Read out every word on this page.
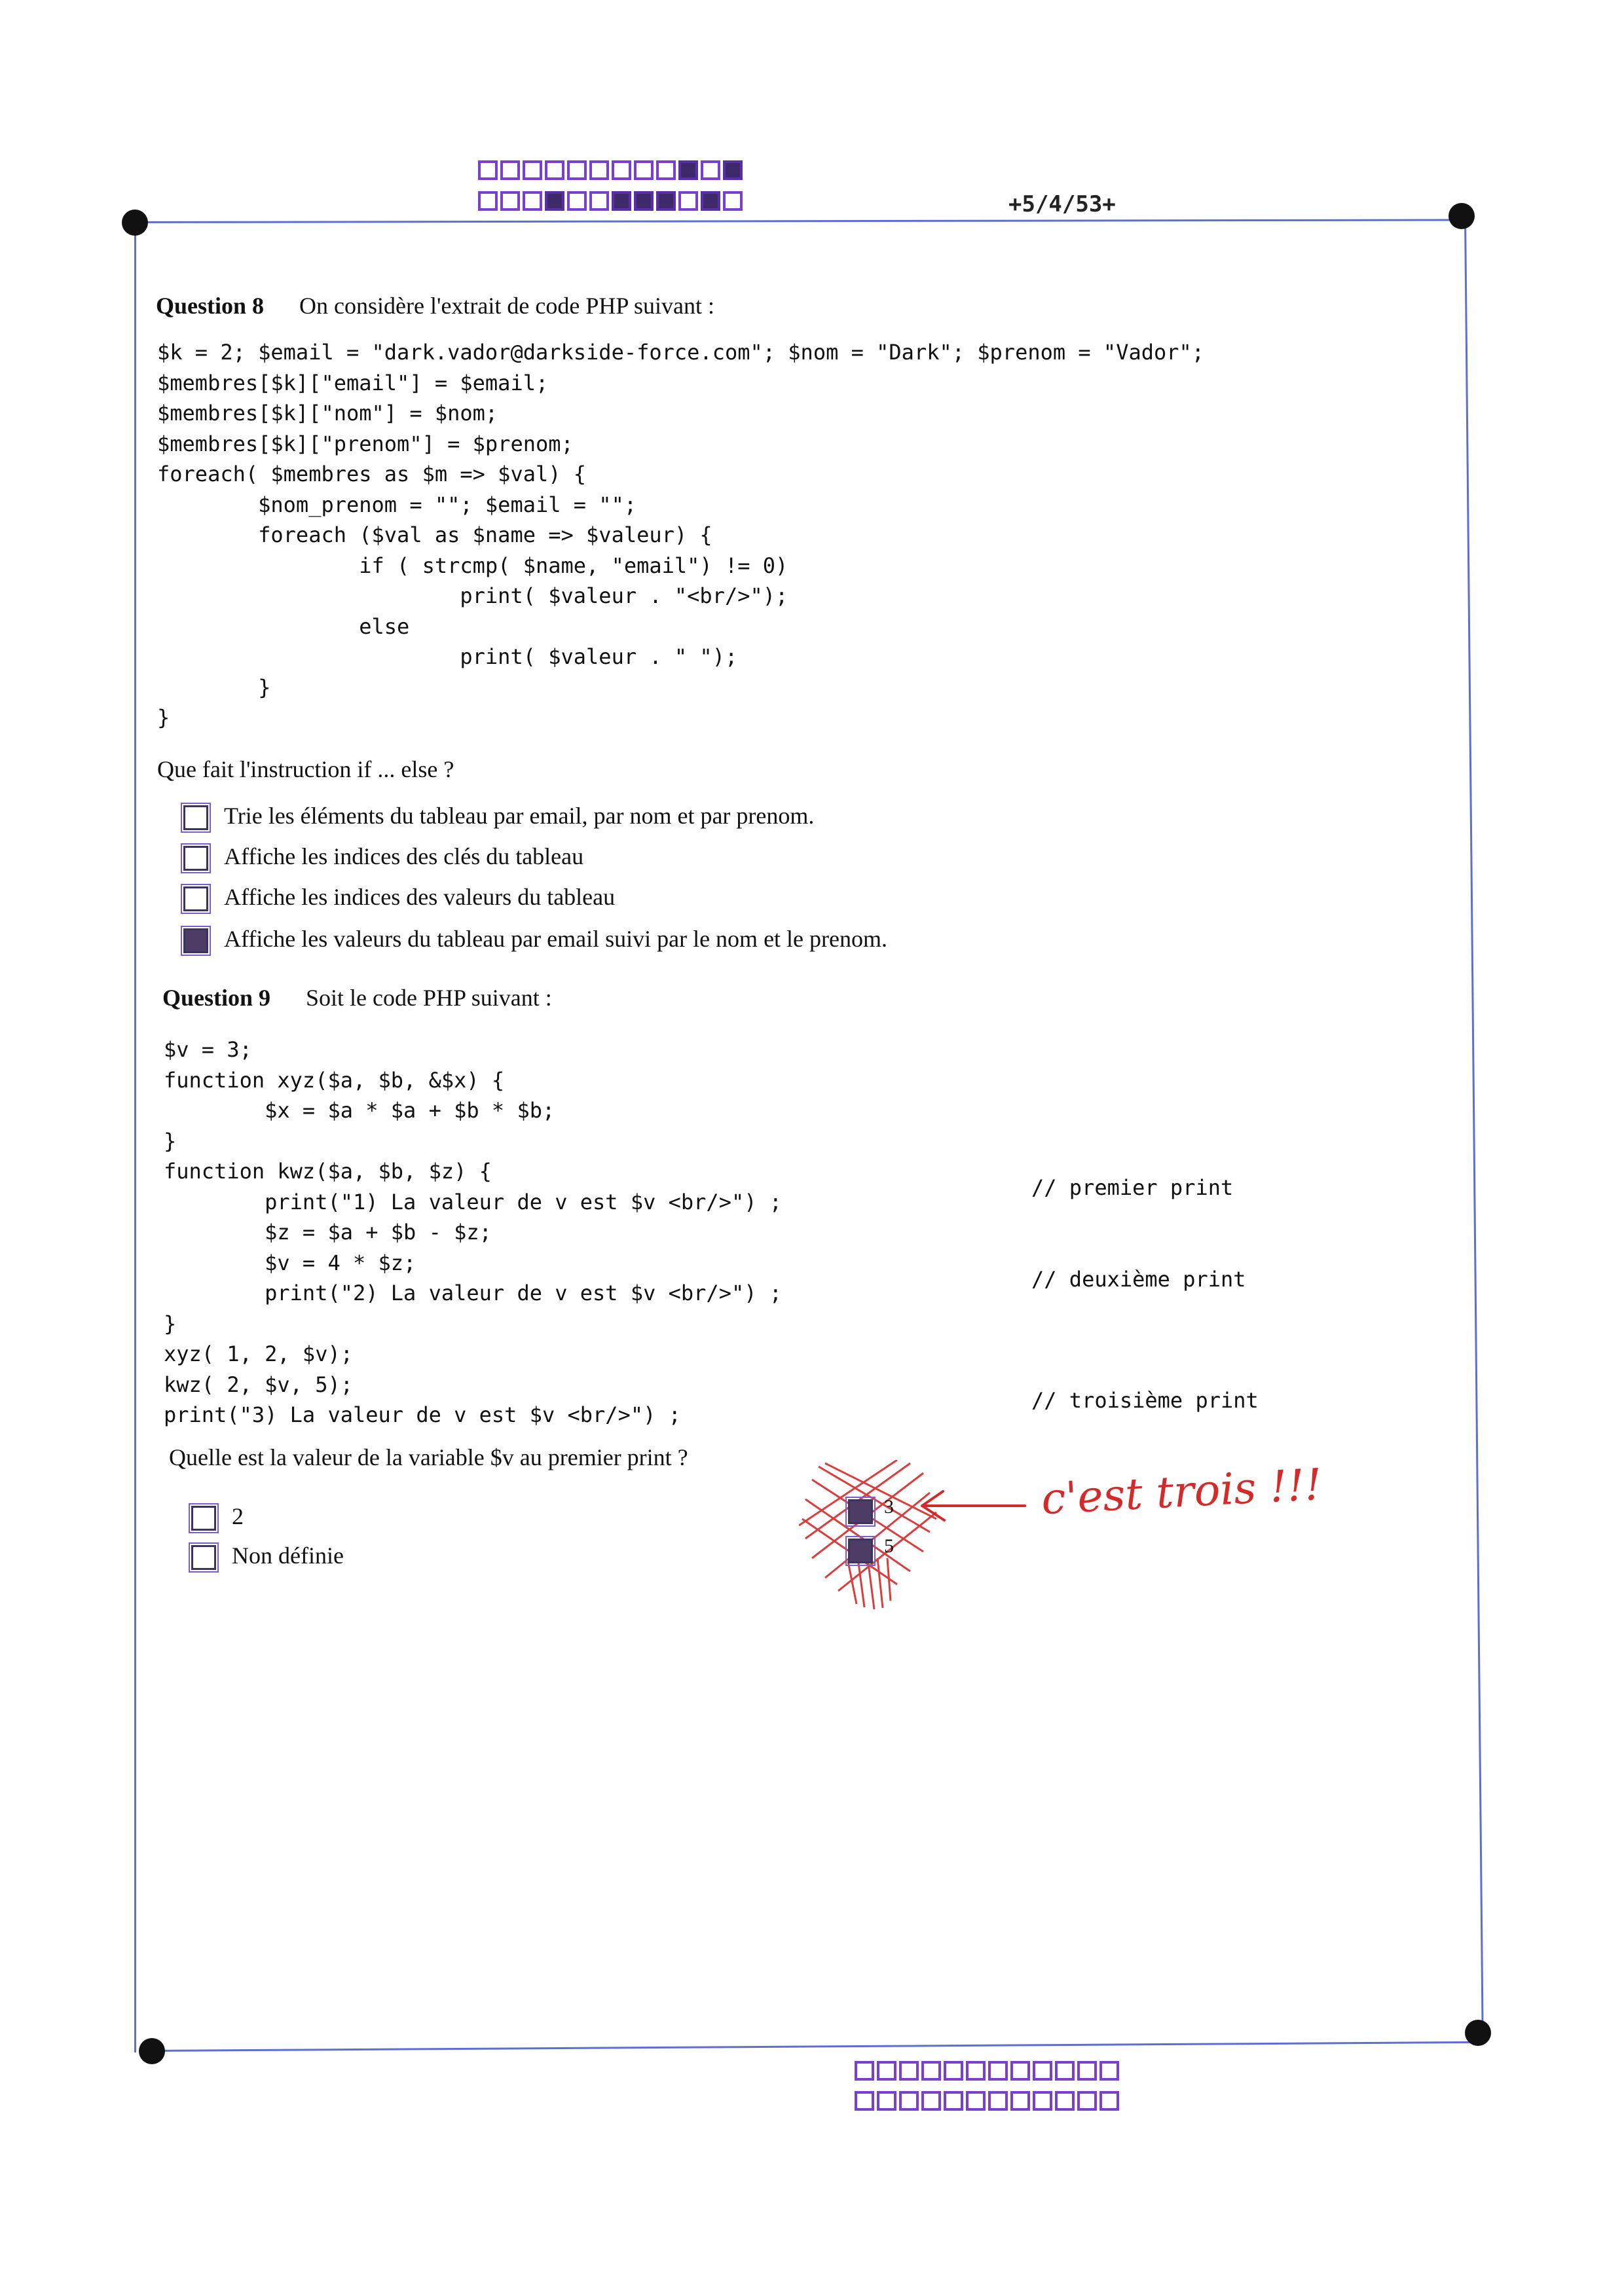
+5/4/53+
Question 8 On considère l'extrait de code PHP suivant :
$k = 2; $email = "dark.vador@darkside-force.com"; $nom = "Dark"; $prenom = "Vador";
$membres[$k]["email"] = $email;
$membres[$k]["nom"] = $nom;
$membres[$k]["prenom"] = $prenom;
foreach( $membres as $m => $val) {
$nom_prenom = ""; $email = "";
foreach ($val as $name => $valeur) {
if ( strcmp( $name, "email") != 0)
print( $valeur . "<br/>");
else
print( $valeur . " ");
}
}
Que fait l'instruction if ... else ?
Trie les éléments du tableau par email, par nom et par prenom.
Affiche les indices des clés du tableau
Affiche les indices des valeurs du tableau
Affiche les valeurs du tableau par email suivi par le nom et le prenom.
Question 9 Soit le code PHP suivant :
$v = 3;
function xyz($a, $b, &$x) {
$x = $a * $a + $b * $b;
}
function kwz($a, $b, $z) {
print("1) La valeur de v est $v <br/>") ;
$z = $a + $b - $z;
$v = 4 * $z;
print("2) La valeur de v est $v <br/>") ;
}
xyz( 1, 2, $v);
kwz( 2, $v, 5);
print("3) La valeur de v est $v <br/>") ;
// premier print
// deuxième print
// troisième print
Quelle est la valeur de la variable $v au premier print ?
2
Non définie
3
5
c'est trois !!!
